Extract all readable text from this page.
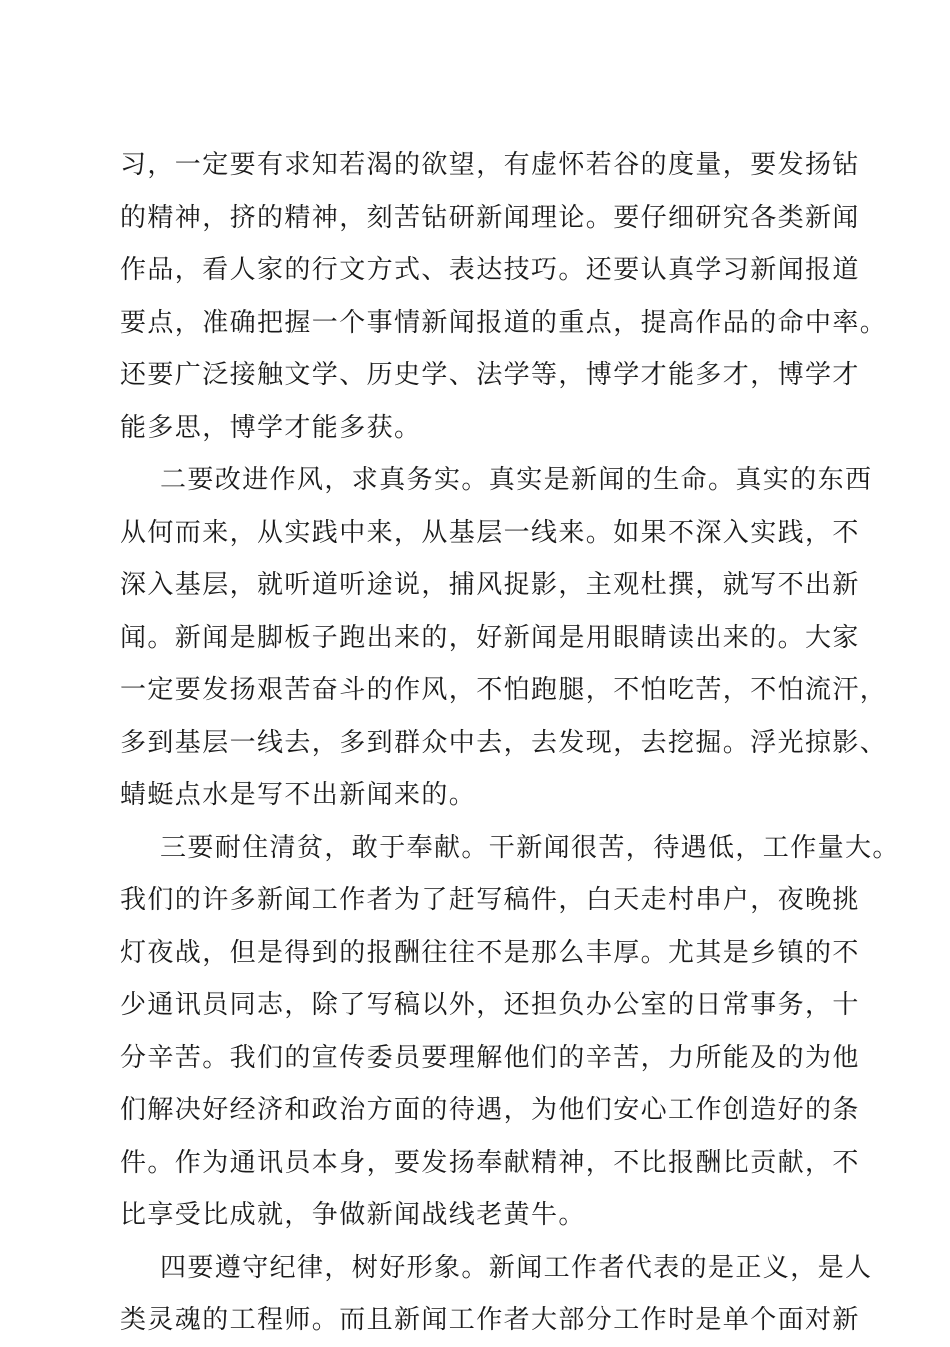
习，一定要有求知若渴的欲望，有虚怀若谷的度量，要发扬钻
的精神，挤的精神，刻苦钻研新闻理论。要仔细研究各类新闻
作品，看人家的行文方式、表达技巧。还要认真学习新闻报道
要点，准确把握一个事情新闻报道的重点，提高作品的命中率。
还要广泛接触文学、历史学、法学等，博学才能多才，博学才
能多思，博学才能多获。
二要改进作风，求真务实。真实是新闻的生命。真实的东西
从何而来，从实践中来，从基层一线来。如果不深入实践，不
深入基层，就听道听途说，捕风捉影，主观杜撰，就写不出新
闻。新闻是脚板子跑出来的，好新闻是用眼睛读出来的。大家
一定要发扬艰苦奋斗的作风，不怕跑腿，不怕吃苦，不怕流汗，
多到基层一线去，多到群众中去，去发现，去挖掘。浮光掠影、
蜻蜓点水是写不出新闻来的。
三要耐住清贫，敢于奉献。干新闻很苦，待遇低，工作量大。
我们的许多新闻工作者为了赶写稿件，白天走村串户，夜晚挑
灯夜战，但是得到的报酬往往不是那么丰厚。尤其是乡镇的不
少通讯员同志，除了写稿以外，还担负办公室的日常事务，十
分辛苦。我们的宣传委员要理解他们的辛苦，力所能及的为他
们解决好经济和政治方面的待遇，为他们安心工作创造好的条
件。作为通讯员本身，要发扬奉献精神，不比报酬比贡献，不
比享受比成就，争做新闻战线老黄牛。
四要遵守纪律，树好形象。新闻工作者代表的是正义，是人
类灵魂的工程师。而且新闻工作者大部分工作时是单个面对新
